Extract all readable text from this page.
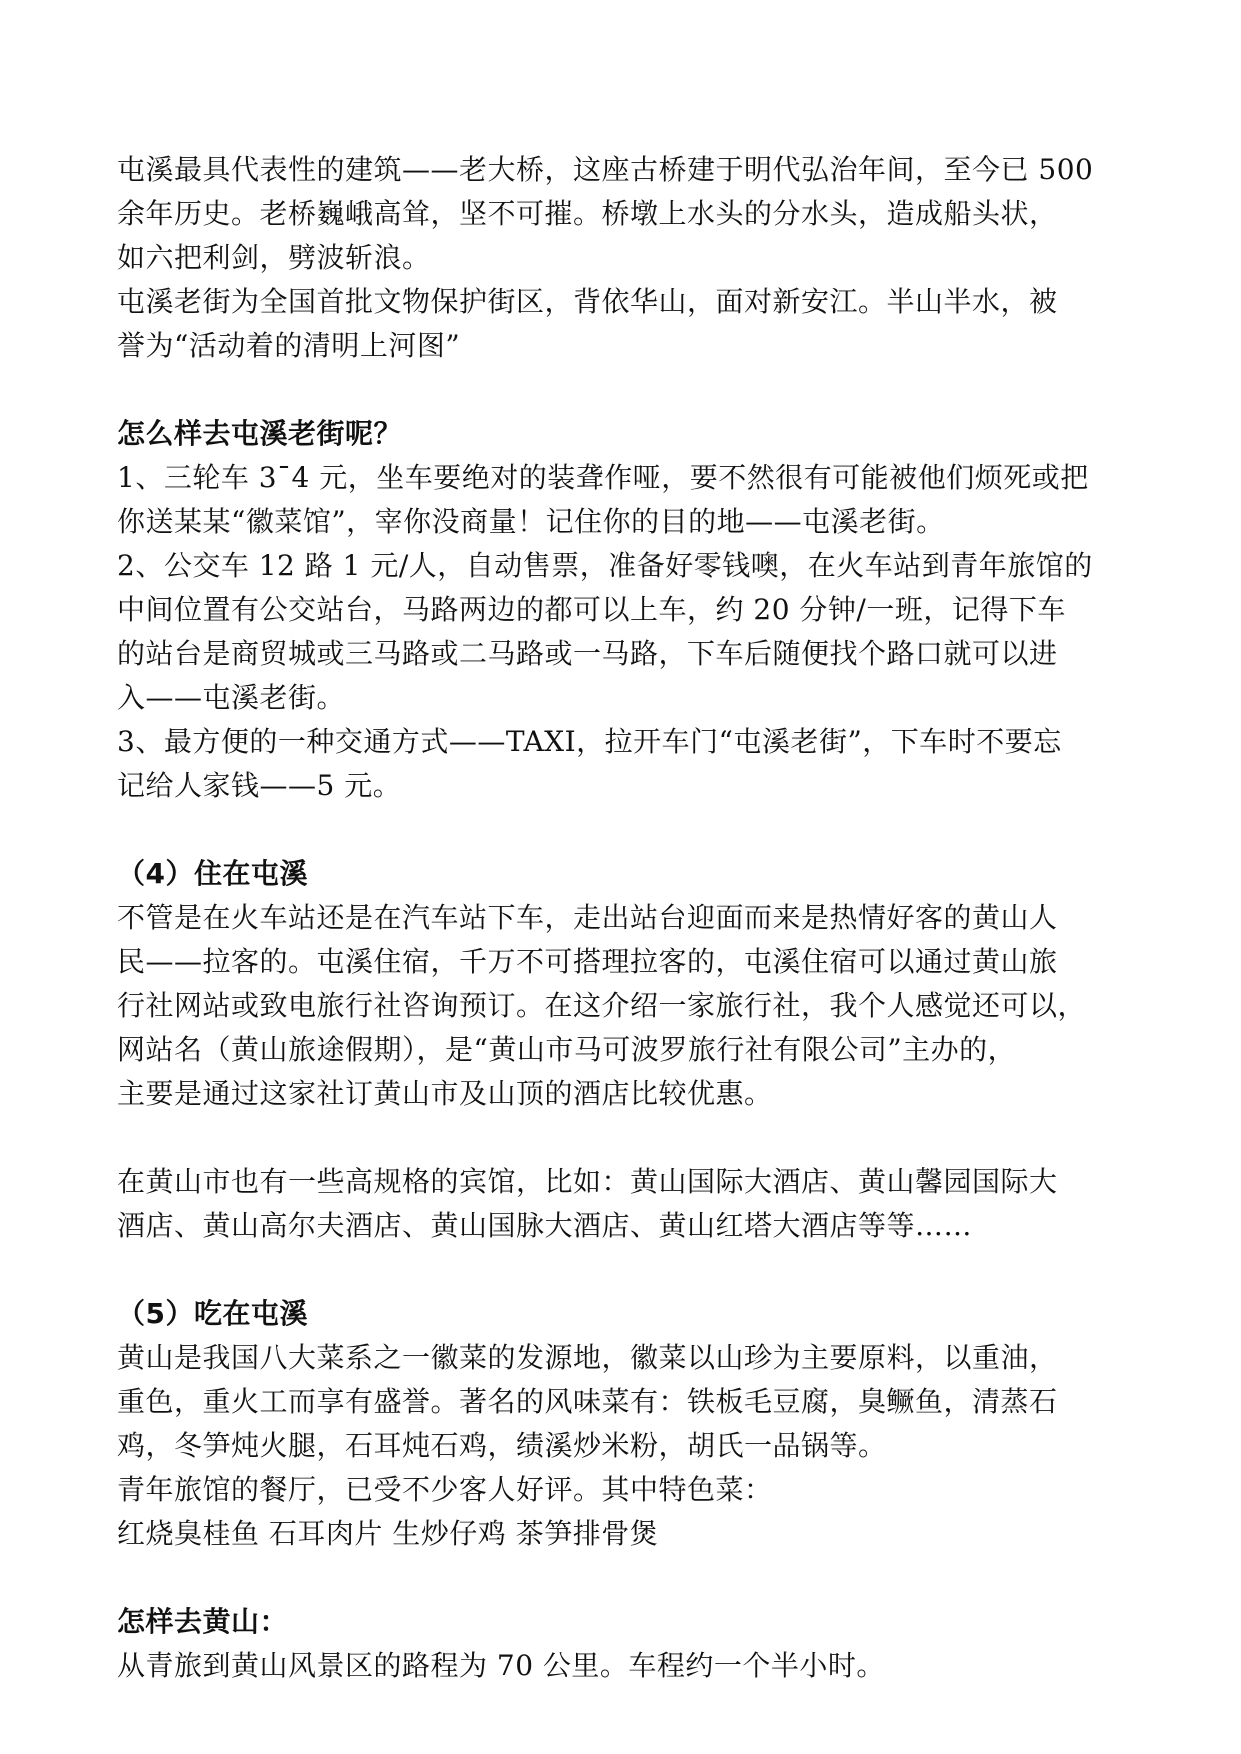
屯溪最具代表性的建筑——老大桥，这座古桥建于明代弘治年间，至今已 500
余年历史。老桥巍峨高耸，坚不可摧。桥墩上水头的分水头，造成船头状，
如六把利剑，劈波斩浪。
屯溪老街为全国首批文物保护街区，背依华山，面对新安江。半山半水，被
誉为“活动着的清明上河图”
怎么样去屯溪老街呢？
1、三轮车 3¯4 元，坐车要绝对的装聋作哑，要不然很有可能被他们烦死或把
你送某某“徽菜馆”，宰你没商量！记住你的目的地——屯溪老街。
2、公交车 12 路 1 元/人，自动售票，准备好零钱噢，在火车站到青年旅馆的
中间位置有公交站台，马路两边的都可以上车，约 20 分钟/一班，记得下车
的站台是商贸城或三马路或二马路或一马路，下车后随便找个路口就可以进
入——屯溪老街。
3、最方便的一种交通方式——TAXI，拉开车门“屯溪老街”，下车时不要忘
记给人家钱——5 元。
（4）住在屯溪
不管是在火车站还是在汽车站下车，走出站台迎面而来是热情好客的黄山人
民——拉客的。屯溪住宿，千万不可搭理拉客的，屯溪住宿可以通过黄山旅
行社网站或致电旅行社咨询预订。在这介绍一家旅行社，我个人感觉还可以，
网站名（黄山旅途假期），是“黄山市马可波罗旅行社有限公司”主办的，
主要是通过这家社订黄山市及山顶的酒店比较优惠。
在黄山市也有一些高规格的宾馆，比如：黄山国际大酒店、黄山馨园国际大
酒店、黄山高尔夫酒店、黄山国脉大酒店、黄山红塔大酒店等等……
（5）吃在屯溪
黄山是我国八大菜系之一徽菜的发源地，徽菜以山珍为主要原料，以重油，
重色，重火工而享有盛誉。著名的风味菜有：铁板毛豆腐，臭鳜鱼，清蒸石
鸡，冬笋炖火腿，石耳炖石鸡，绩溪炒米粉，胡氏一品锅等。
青年旅馆的餐厅，已受不少客人好评。其中特色菜：
红烧臭桂鱼 石耳肉片 生炒仔鸡 茶笋排骨煲
怎样去黄山：
从青旅到黄山风景区的路程为 70 公里。车程约一个半小时。
